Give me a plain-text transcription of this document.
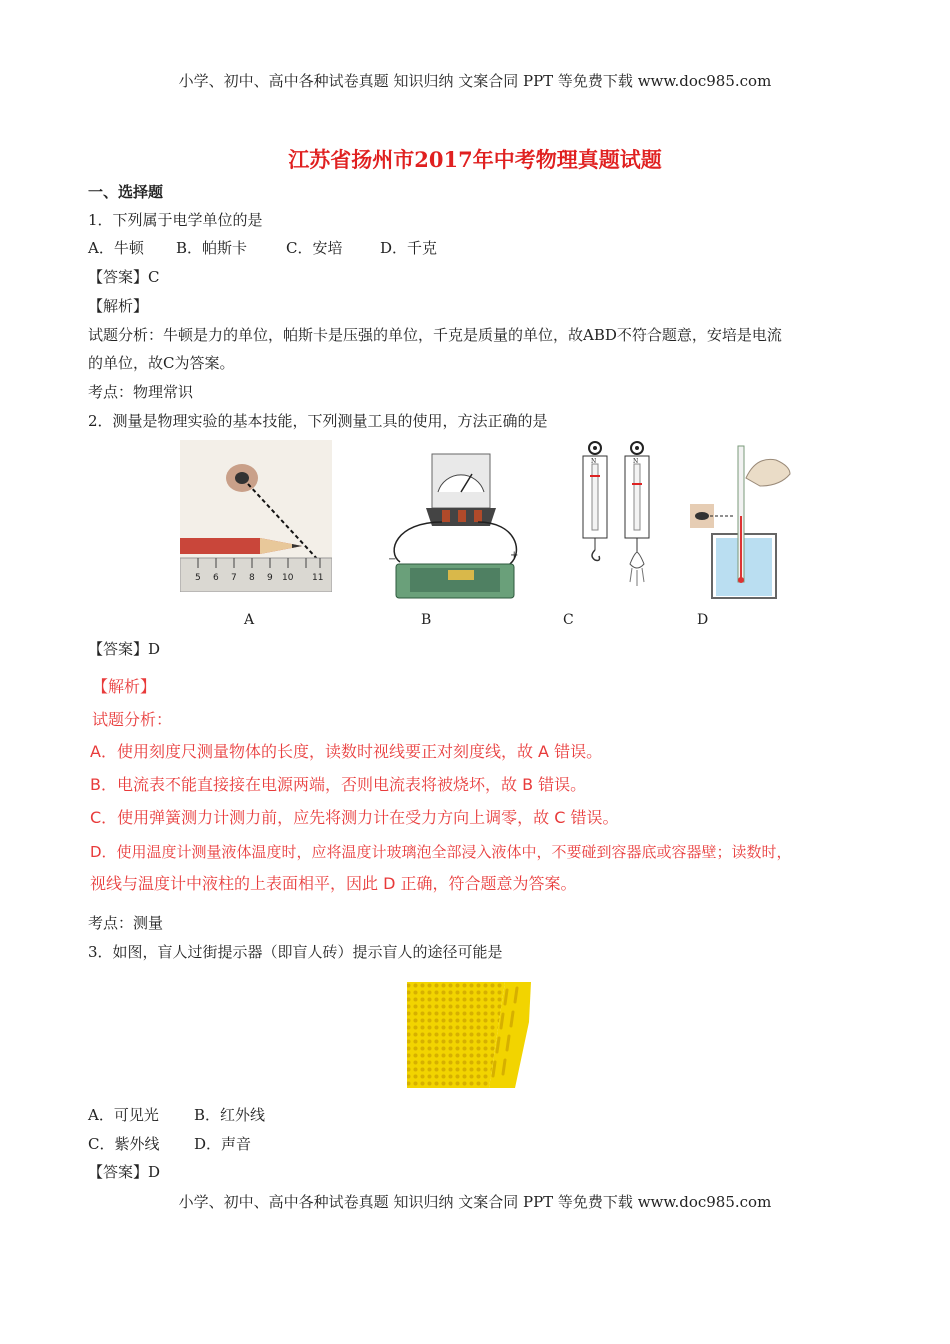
小学、初中、高中各种试卷真题 知识归纳 文案合同 PPT 等免费下载 www.doc985.com
江苏省扬州市2017年中考物理真题试题
一、选择题
1．下列属于电学单位的是
A．牛顿 B．帕斯卡	C．安培	D．千克
【答案】C
【解析】
试题分析：牛顿是力的单位，帕斯卡是压强的单位，千克是质量的单位，故ABD不符合题意，安培是电流
的单位，故C为答案。
考点：物理常识
2．测量是物理实验的基本技能，下列测量工具的使用，方法正确的是
5 6 7 8 9 10 11
−	+
N	N
A	B	C	D
【答案】D
【解析】
试题分析：
A．使用刻度尺测量物体的长度，读数时视线要正对刻度线，故 A 错误。
B．电流表不能直接接在电源两端，否则电流表将被烧坏，故 B 错误。
C．使用弹簧测力计测力前，应先将测力计在受力方向上调零，故 C 错误。
D．使用温度计测量液体温度时，应将温度计玻璃泡全部浸入液体中，不要碰到容器底或容器壁；读数时，
视线与温度计中液柱的上表面相平，因此 D 正确，符合题意为答案。
考点：测量
3．如图，盲人过街提示器（即盲人砖）提示盲人的途径可能是
A．可见光 B．红外线
C．紫外线 D．声音
【答案】D
小学、初中、高中各种试卷真题 知识归纳 文案合同 PPT 等免费下载 www.doc985.com
